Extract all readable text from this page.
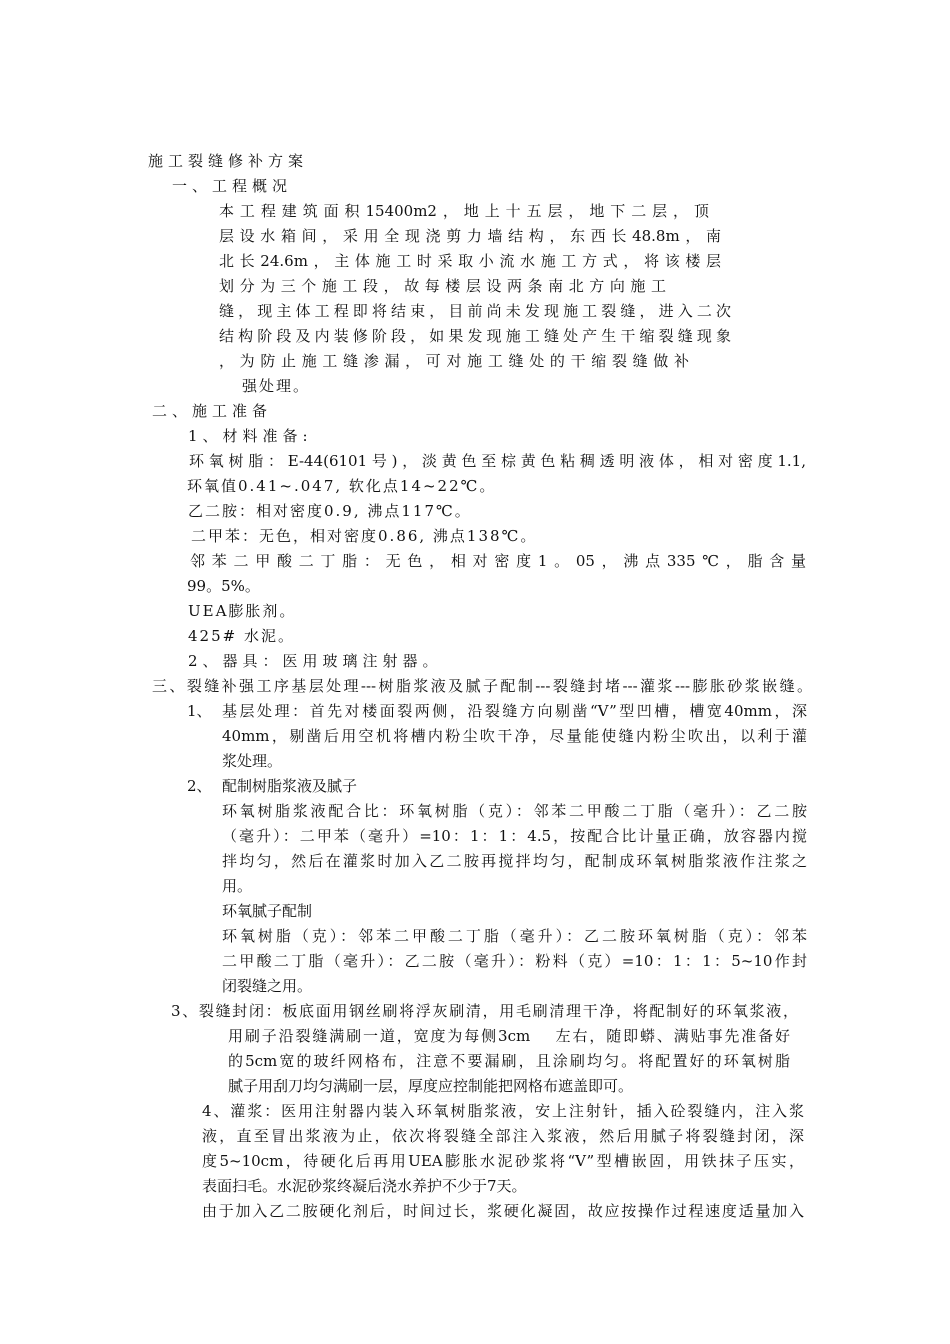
施工裂缝修补方案
一、工程概况
本工程建筑面积15400m2，地上十五层，地下二层，顶
层设水箱间，采用全现浇剪力墙结构，东西长48.8m，南
北长24.6m，主体施工时采取小流水施工方式，将该楼层
划分为三个施工段，故每楼层设两条南北方向施工
缝，现主体工程即将结束，目前尚未发现施工裂缝，进入二次
结构阶段及内装修阶段，如果发现施工缝处产生干缩裂缝现象
，为防止施工缝渗漏，可对施工缝处的干缩裂缝做补
强处理。
二、施工准备
1、材料准备:
环氧树脂：E-44(6101号)，淡黄色至棕黄色粘稠透明液体，相对密度1.1,
环氧值0.41~.047, 软化点14~22℃。
乙二胺：相对密度0.9, 沸点117℃。
二甲苯：无色，相对密度0.86, 沸点138℃。
邻苯二甲酸二丁脂：无色，相对密度1。05，沸点335℃，脂含量
99。5%。
UEA膨胀剂。
425# 水泥。
2、器具：医用玻璃注射器。
三、裂缝补强工序基层处理---树脂浆液及腻子配制---裂缝封堵---灌浆---膨胀砂浆嵌缝。
1、 基层处理：首先对楼面裂两侧，沿裂缝方向剔凿“V”型凹槽，槽宽40mm，深
40mm，剔凿后用空机将槽内粉尘吹干净，尽量能使缝内粉尘吹出，以利于灌
浆处理。
2、 配制树脂浆液及腻子
环氧树脂浆液配合比：环氧树脂（克）：邻苯二甲酸二丁脂（毫升）：乙二胺
（毫升）：二甲苯（毫升）=10：1：1：4.5，按配合比计量正确，放容器内搅
拌均匀，然后在灌浆时加入乙二胺再搅拌均匀，配制成环氧树脂浆液作注浆之
用。
环氧腻子配制
环氧树脂（克）：邻苯二甲酸二丁脂（毫升）：乙二胺环氧树脂（克）：邻苯
二甲酸二丁脂（毫升）：乙二胺（毫升）：粉料（克）=10：1：1：5~10作封
闭裂缝之用。
3、裂缝封闭：板底面用钢丝刷将浮灰刷清，用毛刷清理干净，将配制好的环氧浆液，
用刷子沿裂缝满刷一道，宽度为每侧3cm　 左右，随即蟒、满贴事先准备好
的5cm宽的玻纤网格布，注意不要漏刷，且涂刷均匀。将配置好的环氧树脂
腻子用刮刀均匀满刷一层，厚度应控制能把网格布遮盖即可。
4、灌浆：医用注射器内装入环氧树脂浆液，安上注射针，插入砼裂缝内，注入浆
液，直至冒出浆液为止，依次将裂缝全部注入浆液，然后用腻子将裂缝封闭，深
度5~10cm，待硬化后再用UEA膨胀水泥砂浆将“V”型槽嵌固，用铁抹子压实，
表面扫毛。水泥砂浆终凝后浇水养护不少于7天。
由于加入乙二胺硬化剂后，时间过长，浆硬化凝固，故应按操作过程速度适量加入
